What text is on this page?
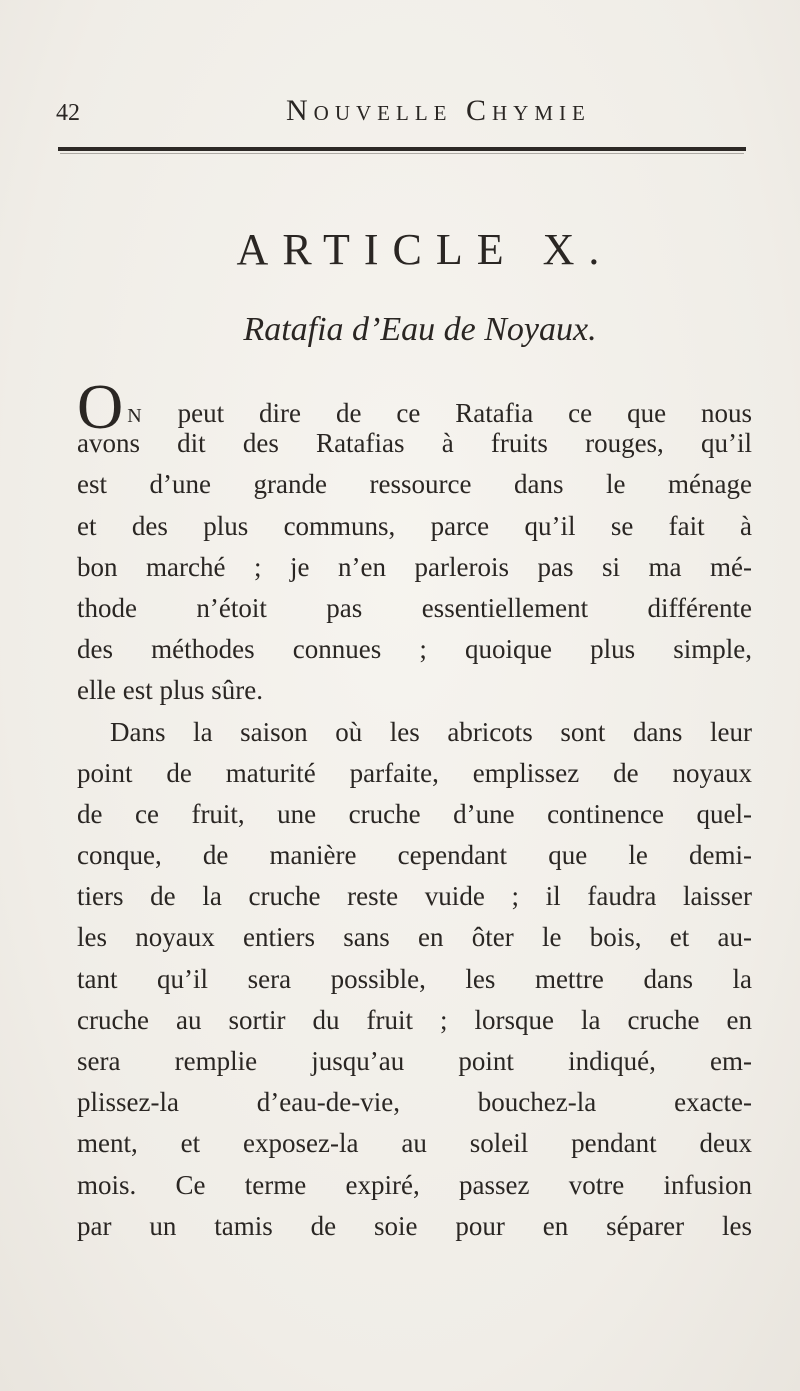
42	Nouvelle Chymie
ARTICLE X.
Ratafia d’Eau de Noyaux.
O N peut dire de ce Ratafia ce que nous
avons dit des Ratafias à fruits rouges, qu’il
est d’une grande ressource dans le ménage
et des plus communs, parce qu’il se fait à
bon marché ; je n’en parlerois pas si ma mé-
thode n’étoit pas essentiellement différente
des méthodes connues ; quoique plus simple,
elle est plus sûre.
Dans la saison où les abricots sont dans leur
point de maturité parfaite, emplissez de noyaux
de ce fruit, une cruche d’une continence quel-
conque, de manière cependant que le demi-
tiers de la cruche reste vuide ; il faudra laisser
les noyaux entiers sans en ôter le bois, et au-
tant qu’il sera possible, les mettre dans la
cruche au sortir du fruit ; lorsque la cruche en
sera remplie jusqu’au point indiqué, em-
plissez-la d’eau-de-vie, bouchez-la exacte-
ment, et exposez-la au soleil pendant deux
mois. Ce terme expiré, passez votre infusion
par un tamis de soie pour en séparer les
